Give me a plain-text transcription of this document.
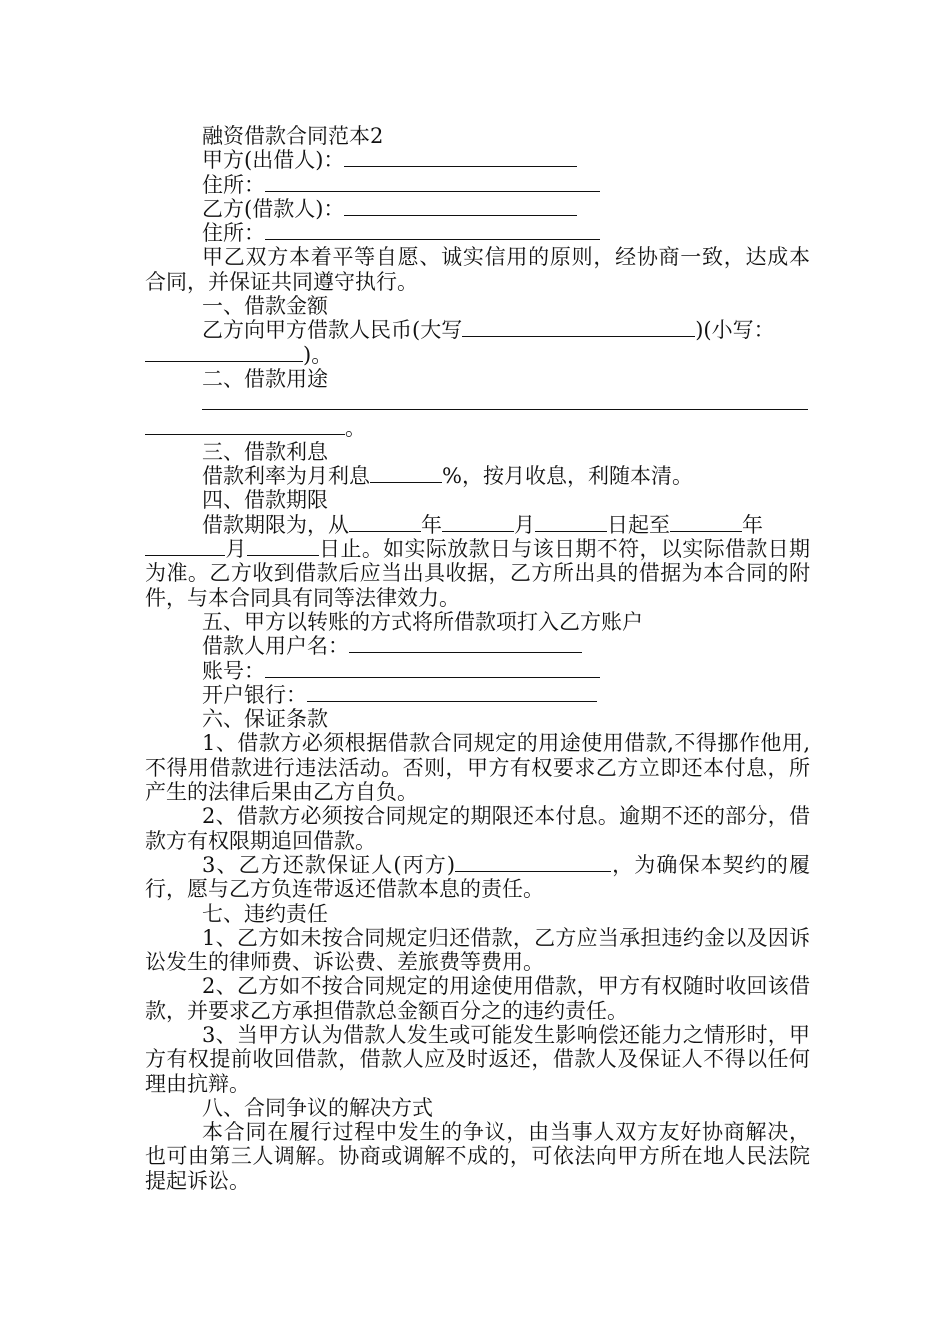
融资借款合同范本2
甲方(出借人)：
住所：
乙方(借款人)：
住所：

甲乙双方本着平等自愿、诚实信用的原则，经协商一致，达成本合同，并保证共同遵守执行。

一、借款金额
乙方向甲方借款人民币(大写	)(小写：
)。
二、借款用途
。
三、借款利息
借款利率为月利息	%，按月收息，利随本清。
四、借款期限
借款期限为，从	年	月	日起至	年

月	日止。如实际放款日与该日期不符，以实际借款日期为准。乙方收到借款后应当出具收据，乙方所出具的借据为本合同的附件，与本合同具有同等法律效力。

五、甲方以转账的方式将所借款项打入乙方账户
借款人用户名：
账号：
开户银行：
六、保证条款

1、借款方必须根据借款合同规定的用途使用借款,不得挪作他用,不得用借款进行违法活动。否则，甲方有权要求乙方立即还本付息，所产生的法律后果由乙方自负。

2、借款方必须按合同规定的期限还本付息。逾期不还的部分，借款方有权限期追回借款。

3、乙方还款保证人(丙方)	，为确保本契约的履行，愿与乙方负连带返还借款本息的责任。

七、违约责任

1、乙方如未按合同规定归还借款，乙方应当承担违约金以及因诉讼发生的律师费、诉讼费、差旅费等费用。

2、乙方如不按合同规定的用途使用借款，甲方有权随时收回该借款，并要求乙方承担借款总金额百分之的违约责任。

3、当甲方认为借款人发生或可能发生影响偿还能力之情形时，甲方有权提前收回借款，借款人应及时返还，借款人及保证人不得以任何理由抗辩。

八、合同争议的解决方式

本合同在履行过程中发生的争议，由当事人双方友好协商解决，也可由第三人调解。协商或调解不成的，可依法向甲方所在地人民法院提起诉讼。
